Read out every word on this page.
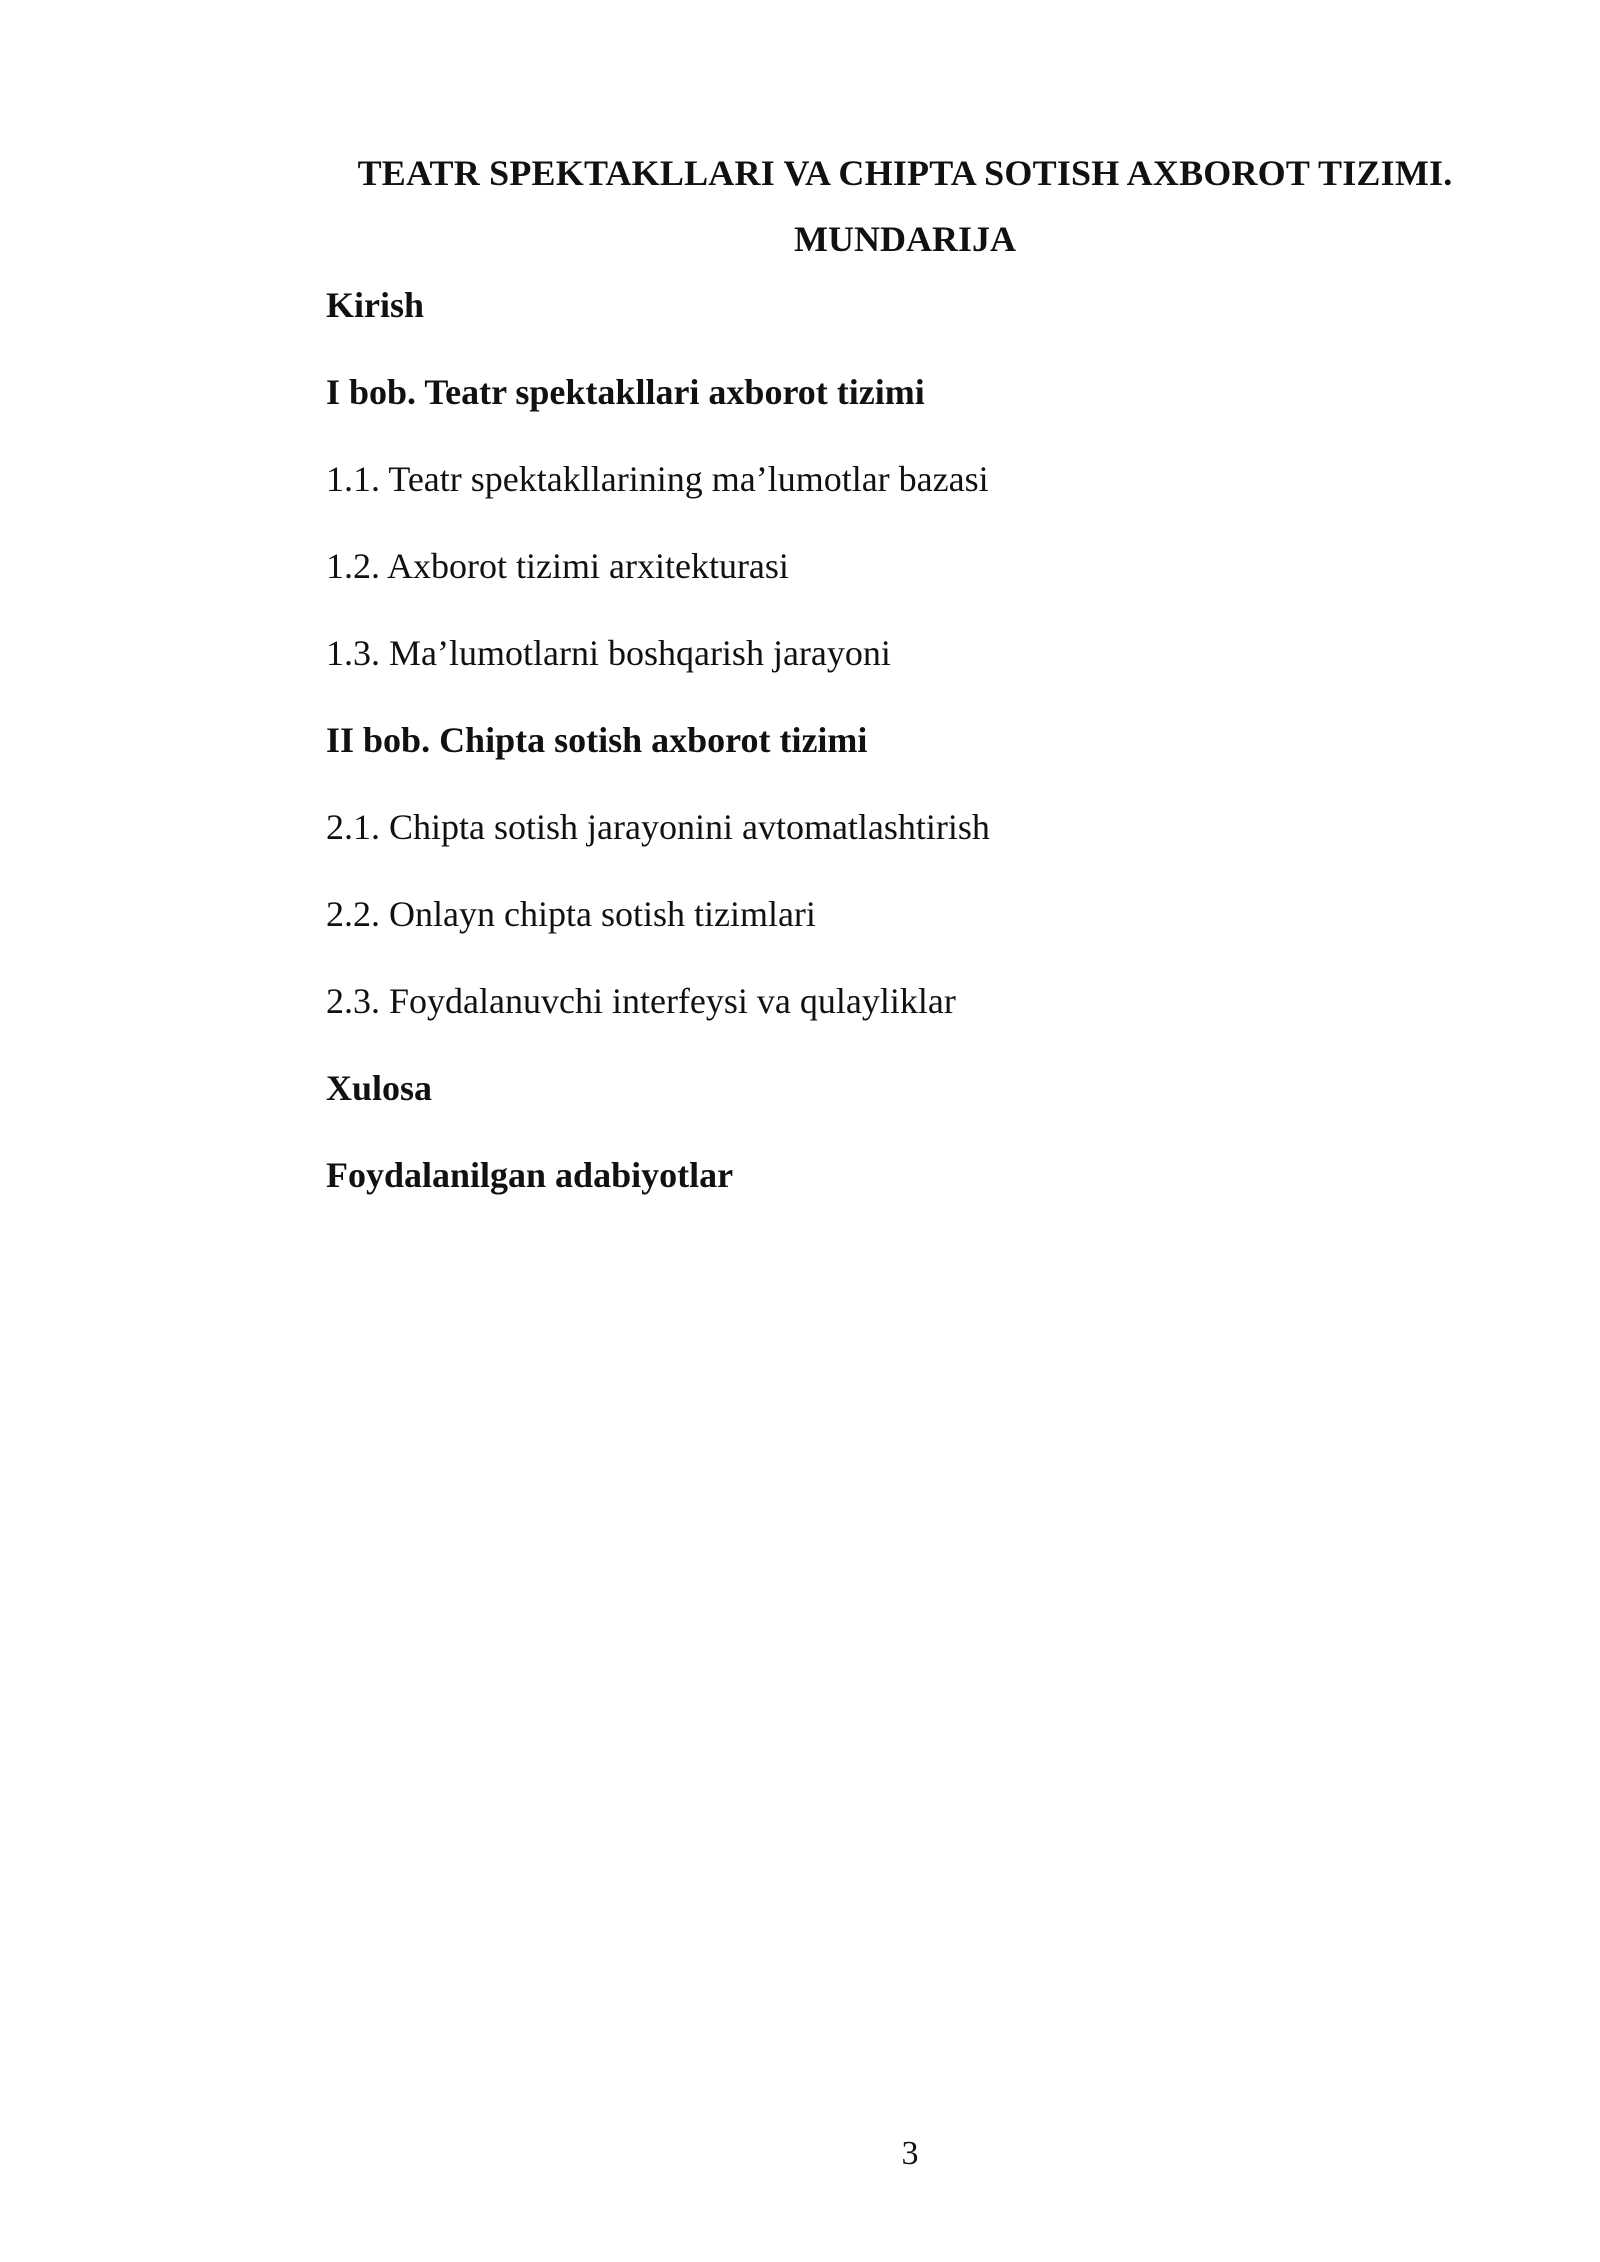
TEATR SPEKTAKLLARI VA CHIPTA SOTISH AXBOROT TIZIMI.
MUNDARIJA
Kirish
I bob. Teatr spektakllari axborot tizimi
1.1. Teatr spektakllarining ma’lumotlar bazasi
1.2. Axborot tizimi arxitekturasi
1.3. Ma’lumotlarni boshqarish jarayoni
II bob. Chipta sotish axborot tizimi
2.1. Chipta sotish jarayonini avtomatlashtirish
2.2. Onlayn chipta sotish tizimlari
2.3. Foydalanuvchi interfeysi va qulayliklar
Xulosa
Foydalanilgan adabiyotlar
3
